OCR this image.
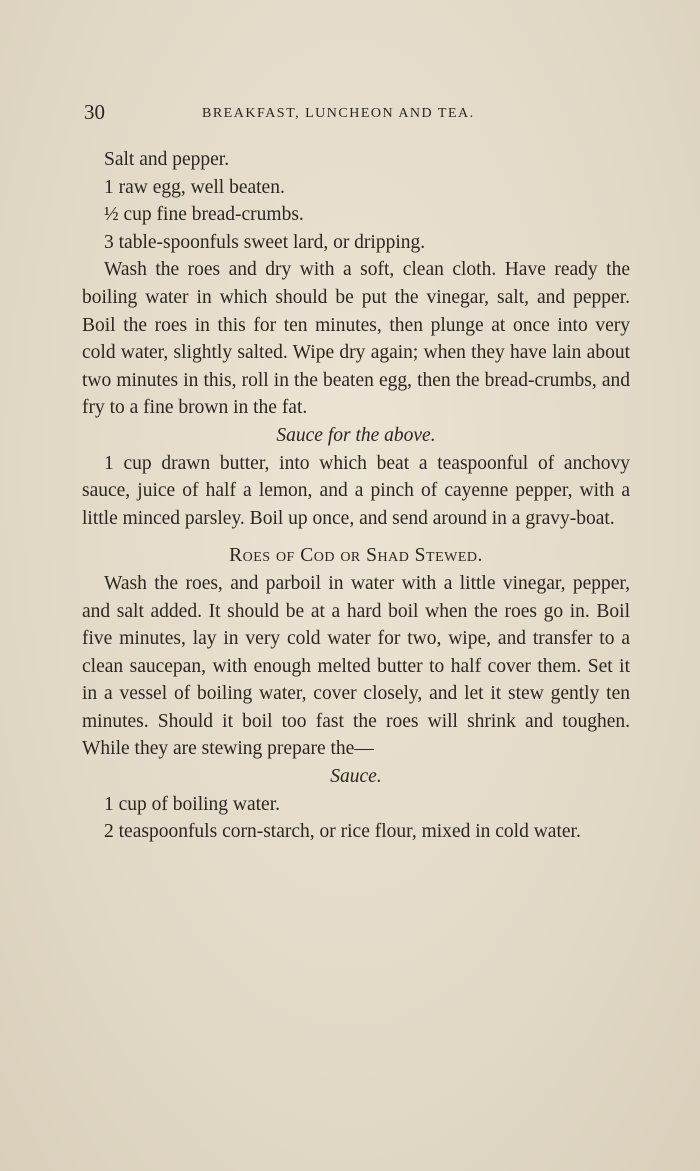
30	BREAKFAST, LUNCHEON AND TEA.

Salt and pepper.

1 raw egg, well beaten.

½ cup fine bread-crumbs.

3 table-spoonfuls sweet lard, or dripping.

Wash the roes and dry with a soft, clean cloth. Have ready the boiling water in which should be put the vinegar, salt, and pepper. Boil the roes in this for ten minutes, then plunge at once into very cold water, slightly salted. Wipe dry again; when they have lain about two minutes in this, roll in the beaten egg, then the bread-crumbs, and fry to a fine brown in the fat.

Sauce for the above.

1 cup drawn butter, into which beat a teaspoonful of anchovy sauce, juice of half a lemon, and a pinch of cayenne pepper, with a little minced parsley. Boil up once, and send around in a gravy-boat.

Roes of Cod or Shad Stewed.

Wash the roes, and parboil in water with a little vinegar, pepper, and salt added. It should be at a hard boil when the roes go in. Boil five minutes, lay in very cold water for two, wipe, and transfer to a clean saucepan, with enough melted butter to half cover them. Set it in a vessel of boiling water, cover closely, and let it stew gently ten minutes. Should it boil too fast the roes will shrink and toughen. While they are stewing prepare the—

Sauce.

1 cup of boiling water.

2 teaspoonfuls corn-starch, or rice flour, mixed in cold water.
